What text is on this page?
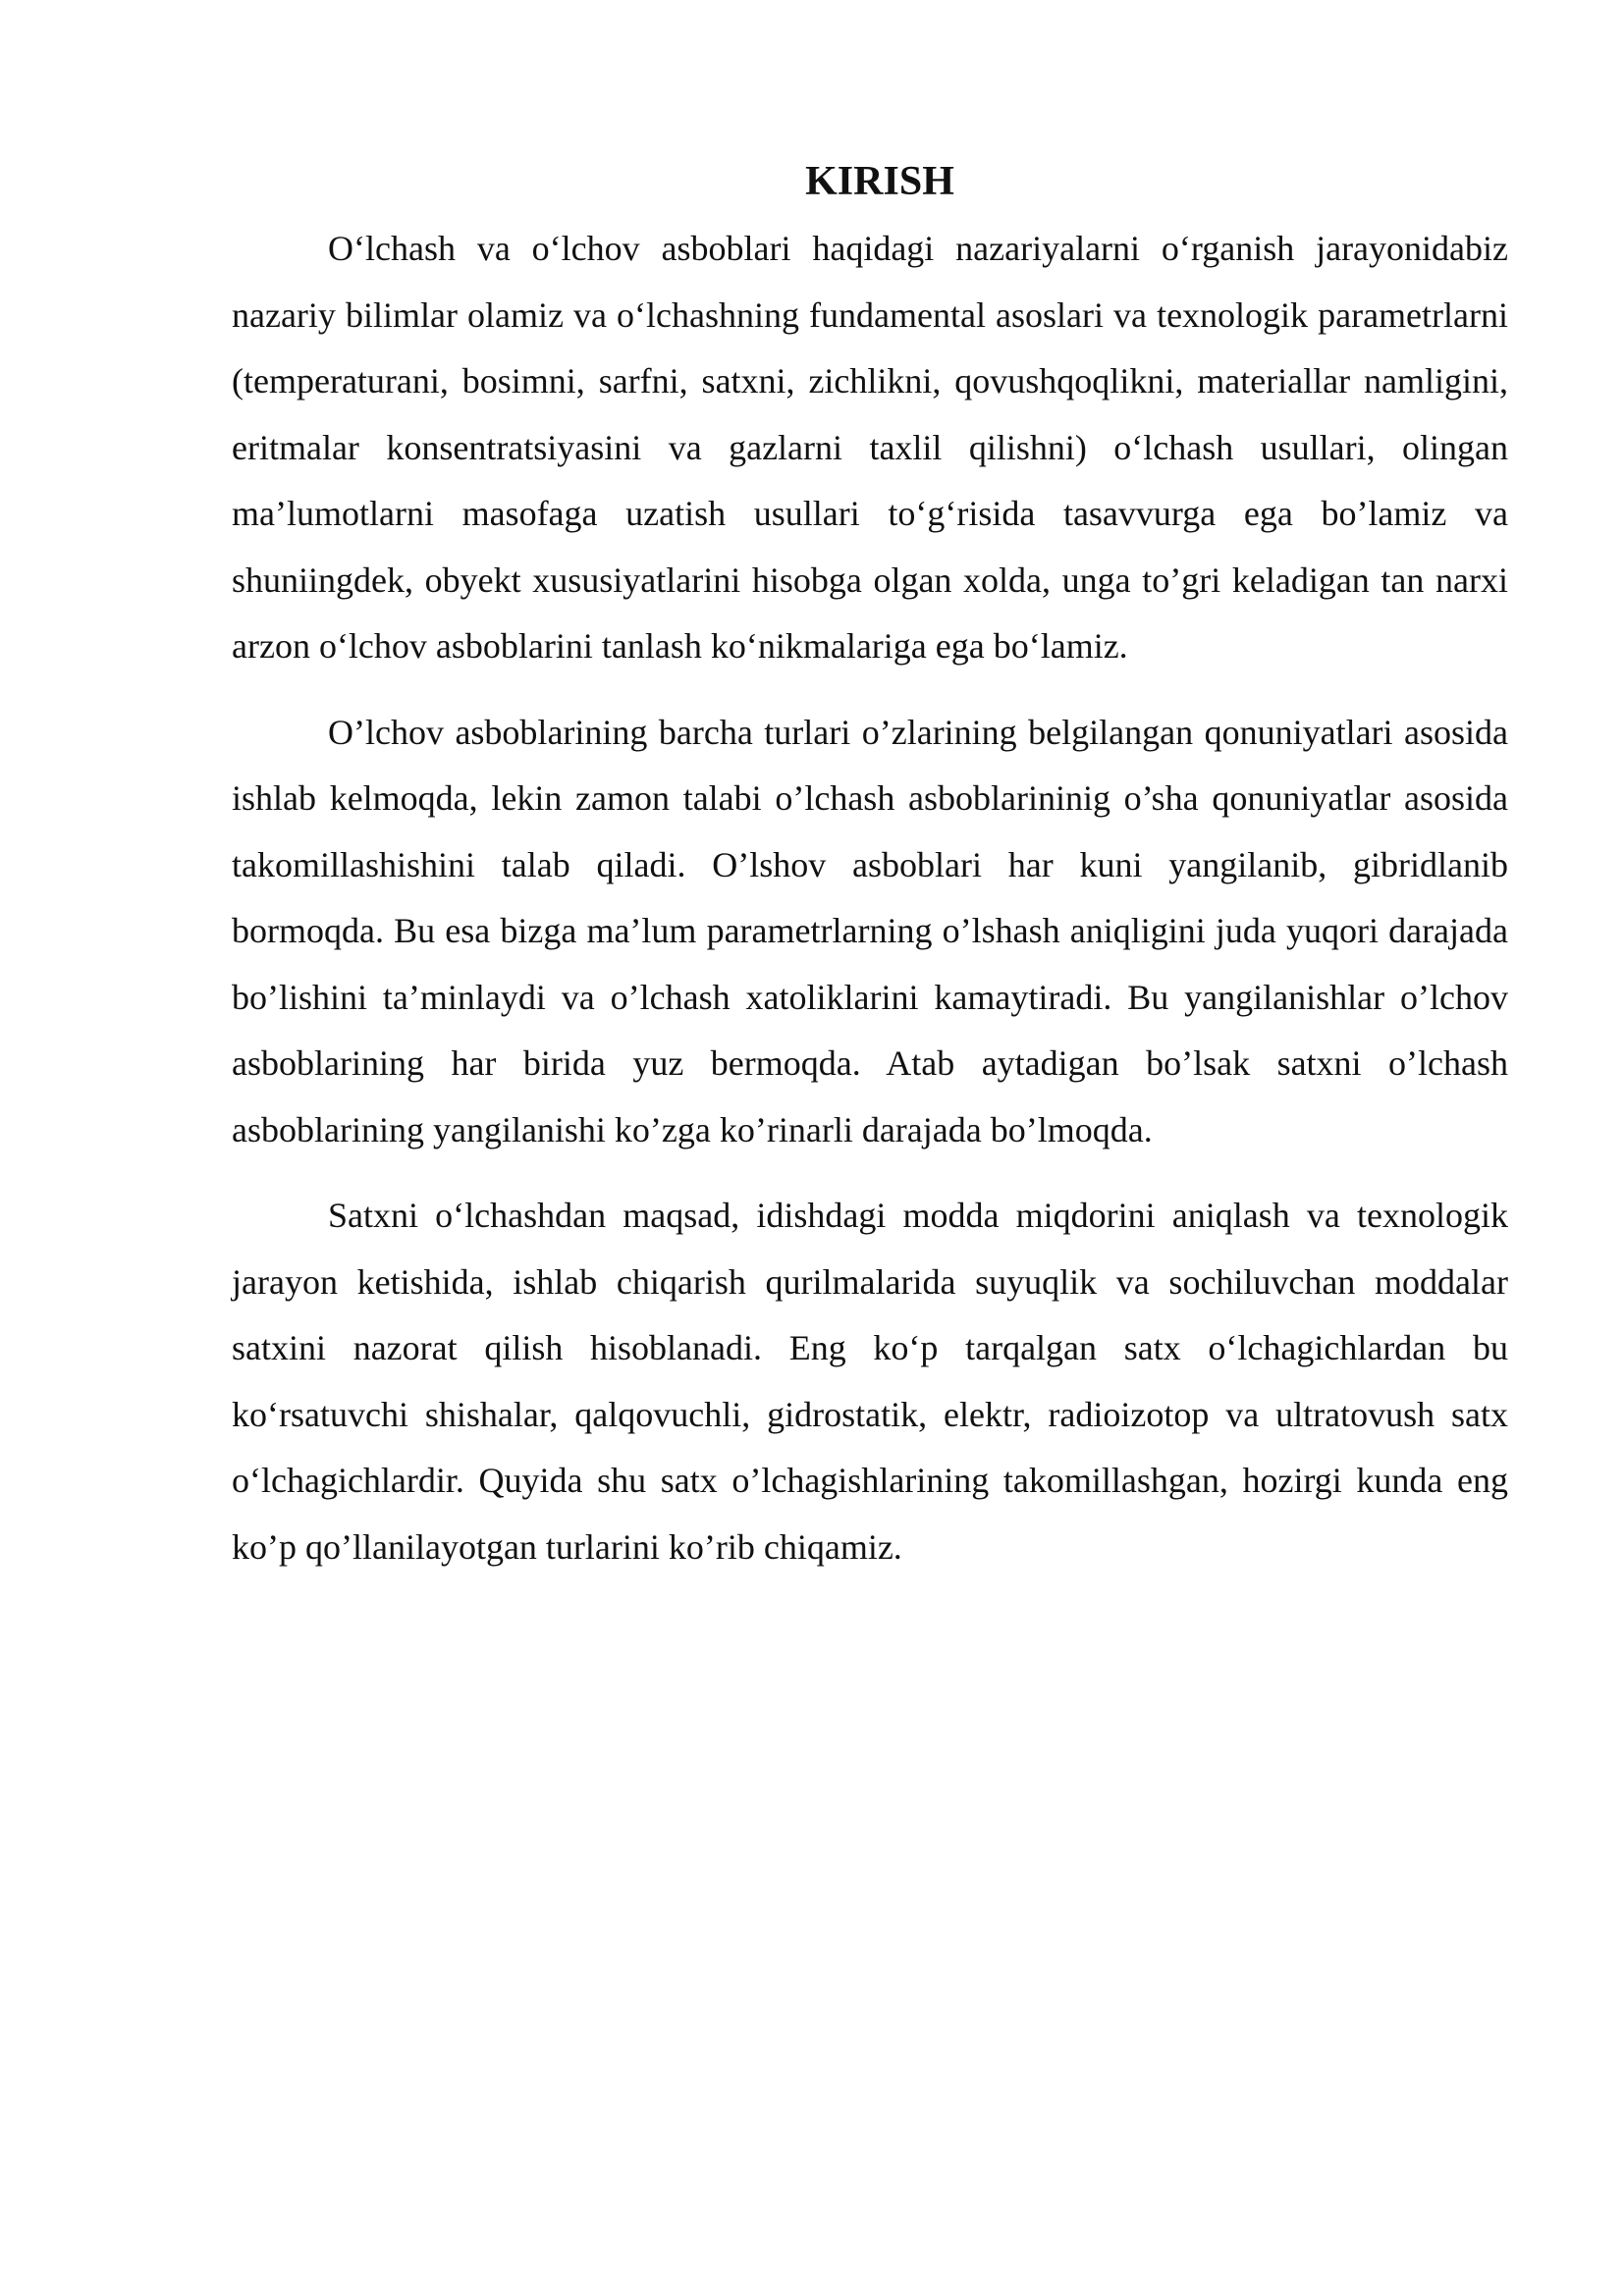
KIRISH

O‘lchash va o‘lchov asboblari haqidagi nazariyalarni o‘rganish jarayonidabiz nazariy bilimlar olamiz va o‘lchashning fundamental asoslari va texnologik parametrlarni (temperaturani, bosimni, sarfni, satxni, zichlikni, qovushqoqlikni, materiallar namligini, eritmalar konsentratsiyasini va gazlarni taxlil qilishni) o‘lchash usullari, olingan ma’lumotlarni masofaga uzatish usullari to‘g‘risida tasavvurga ega bo’lamiz va shuniingdek, obyekt xususiyatlarini hisobga olgan xolda, unga to’gri keladigan tan narxi arzon o‘lchov asboblarini tanlash ko‘nikmalariga ega bo‘lamiz.

O’lchov asboblarining barcha turlari o’zlarining belgilangan qonuniyatlari asosida ishlab kelmoqda, lekin zamon talabi o’lchash asboblarininig o’sha qonuniyatlar asosida takomillashishini talab qiladi. O’lshov asboblari har kuni yangilanib, gibridlanib bormoqda. Bu esa bizga ma’lum parametrlarning o’lshash aniqligini juda yuqori darajada bo’lishini ta’minlaydi va o’lchash xatoliklarini kamaytiradi. Bu yangilanishlar o’lchov asboblarining har birida yuz bermoqda. Atab aytadigan bo’lsak satxni o’lchash asboblarining yangilanishi ko’zga ko’rinarli darajada bo’lmoqda.

Satxni o‘lchashdan maqsad, idishdagi modda miqdorini aniqlash va texnologik jarayon ketishida, ishlab chiqarish qurilmalarida suyuqlik va sochiluvchan moddalar satxini nazorat qilish hisoblanadi. Eng ko‘p tarqalgan satx o‘lchagichlardan bu ko‘rsatuvchi shishalar, qalqovuchli, gidrostatik, elektr, radioizotop va ultratovush satx o‘lchagichlardir. Quyida shu satx o’lchagishlarining takomillashgan, hozirgi kunda eng ko’p qo’llanilayotgan turlarini ko’rib chiqamiz.
